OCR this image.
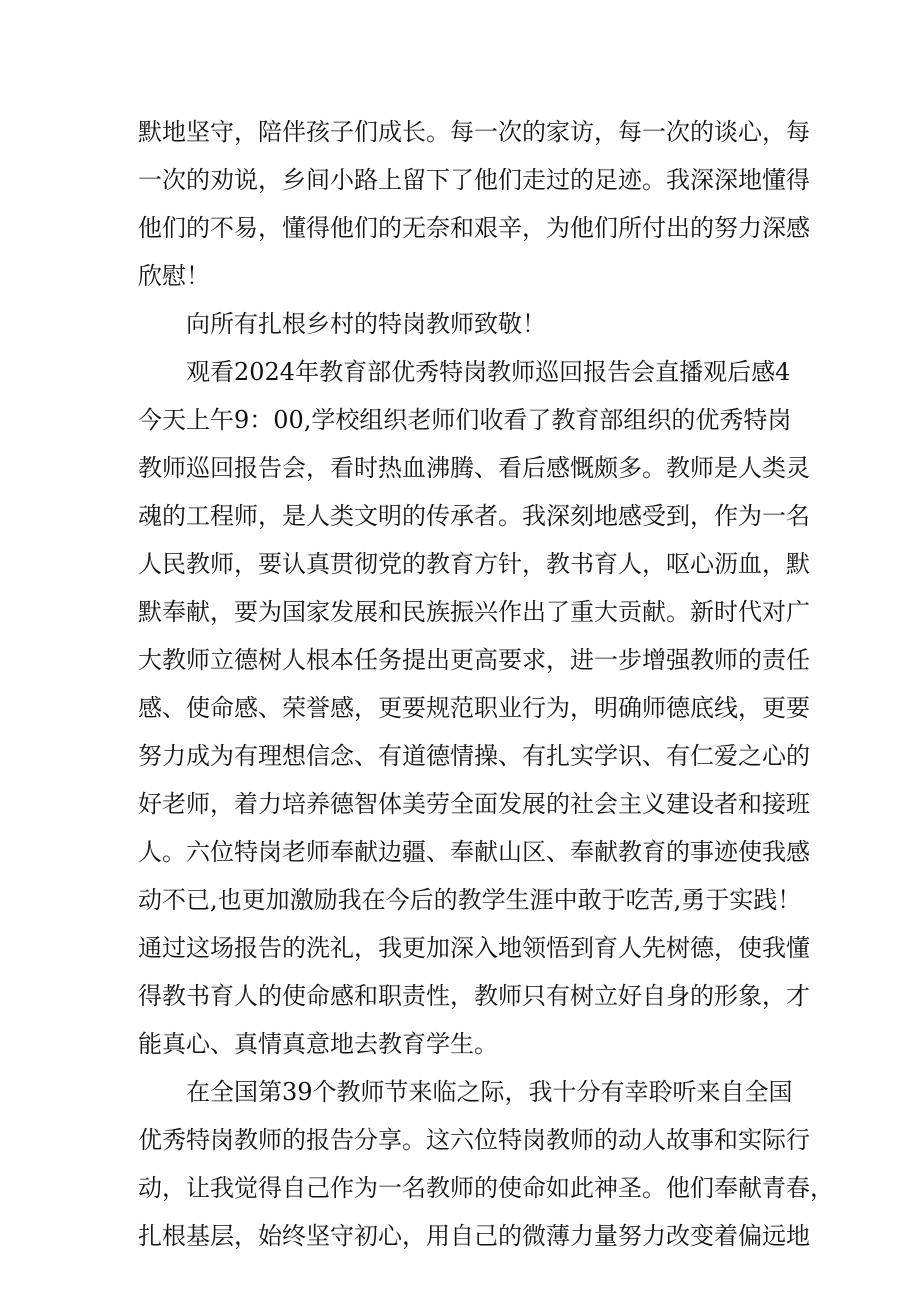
默地坚守，陪伴孩子们成长。每一次的家访，每一次的谈心，每
一次的劝说，乡间小路上留下了他们走过的足迹。我深深地懂得
他们的不易，懂得他们的无奈和艰辛，为他们所付出的努力深感
欣慰！
向所有扎根乡村的特岗教师致敬！
观看2024年教育部优秀特岗教师巡回报告会直播观后感4
今天上午9：00,学校组织老师们收看了教育部组织的优秀特岗
教师巡回报告会，看时热血沸腾、看后感慨颇多。教师是人类灵
魂的工程师，是人类文明的传承者。我深刻地感受到，作为一名
人民教师，要认真贯彻党的教育方针，教书育人，呕心沥血，默
默奉献，要为国家发展和民族振兴作出了重大贡献。新时代对广
大教师立德树人根本任务提出更高要求，进一步增强教师的责任
感、使命感、荣誉感，更要规范职业行为，明确师德底线，更要
努力成为有理想信念、有道德情操、有扎实学识、有仁爱之心的
好老师，着力培养德智体美劳全面发展的社会主义建设者和接班
人。六位特岗老师奉献边疆、奉献山区、奉献教育的事迹使我感
动不已,也更加激励我在今后的教学生涯中敢于吃苦,勇于实践！
通过这场报告的洗礼，我更加深入地领悟到育人先树德，使我懂
得教书育人的使命感和职责性，教师只有树立好自身的形象，才
能真心、真情真意地去教育学生。
在全国第39个教师节来临之际，我十分有幸聆听来自全国
优秀特岗教师的报告分享。这六位特岗教师的动人故事和实际行
动，让我觉得自己作为一名教师的使命如此神圣。他们奉献青春，
扎根基层，始终坚守初心，用自己的微薄力量努力改变着偏远地
